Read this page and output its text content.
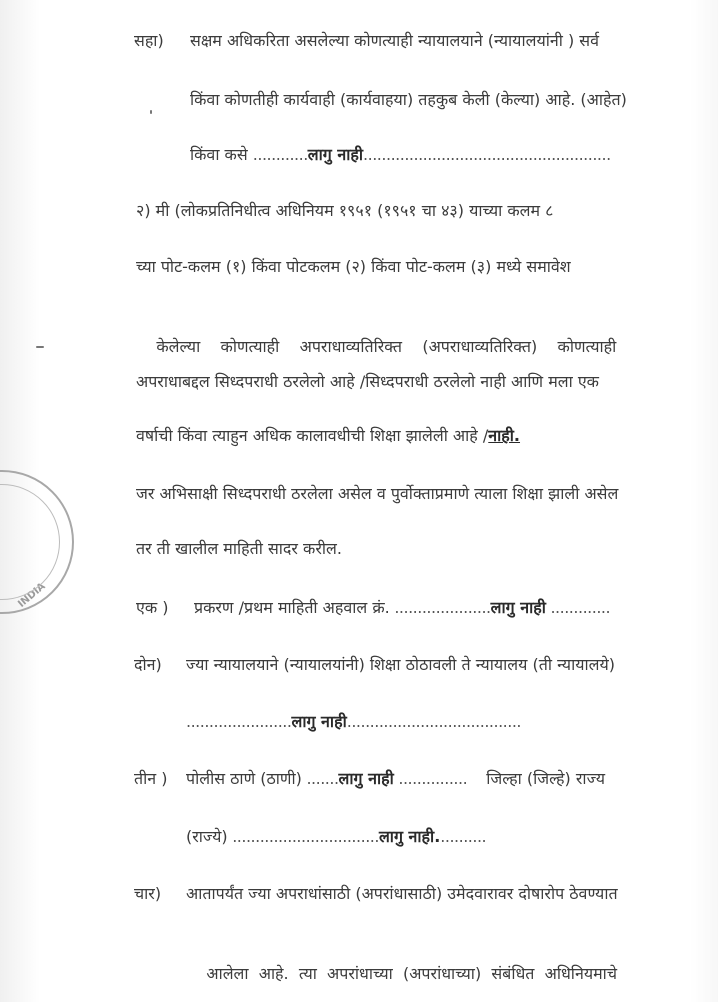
INDIA
सहा) सक्षम अधिकरिता असलेल्या कोणत्याही न्यायालयाने (न्यायालयांनी ) सर्व
किंवा कोणतीही कार्यवाही (कार्यवाहया) तहकुब केली (केल्या) आहे. (आहेत)
किंवा कसे ............लागु नाही......................................................
२) मी (लोकप्रतिनिधीत्व अधिनियम १९५१ (१९५१ चा ४३) याच्या कलम ८
च्या पोट-कलम (१) किंवा पोटकलम (२) किंवा पोट-कलम (३) मध्ये समावेश

केलेल्या    कोणत्याही    अपराधाव्यतिरिक्त    (अपराधाव्यतिरिक्त)    कोणत्याही

अपराधाबद्दल सिध्दपराधी ठरलेलो आहे /सिध्दपराधी ठरलेलो नाही आणि मला एक
वर्षाची किंवा त्याहुन अधिक कालावधीची शिक्षा झालेली आहे /नाही.
जर अभिसाक्षी सिध्दपराधी ठरलेला असेल व पुर्वोक्ताप्रमाणे त्याला शिक्षा झाली असेल
तर ती खालील माहिती सादर करील.
एक ) प्रकरण /प्रथम माहिती अहवाल क्रं. .....................लागु नाही .............
दोन) ज्या न्यायालयाने (न्यायालयांनी) शिक्षा ठोठावली ते न्यायालय (ती न्यायालये)
.......................लागु नाही......................................
तीन ) पोलीस ठाणे (ठाणी) .......लागु नाही ............... जिल्हा (जिल्हे) राज्य
(राज्ये) ................................लागु नाही...........
चार) आतापर्यंत ज्या अपराधांसाठी (अपरांधासाठी) उमेदवारावर दोषारोप ठेवण्यात

आलेला  आहे.  त्या  अपरांधाच्या  (अपरांधाच्या)  संबंधित  अधिनियमाचे
